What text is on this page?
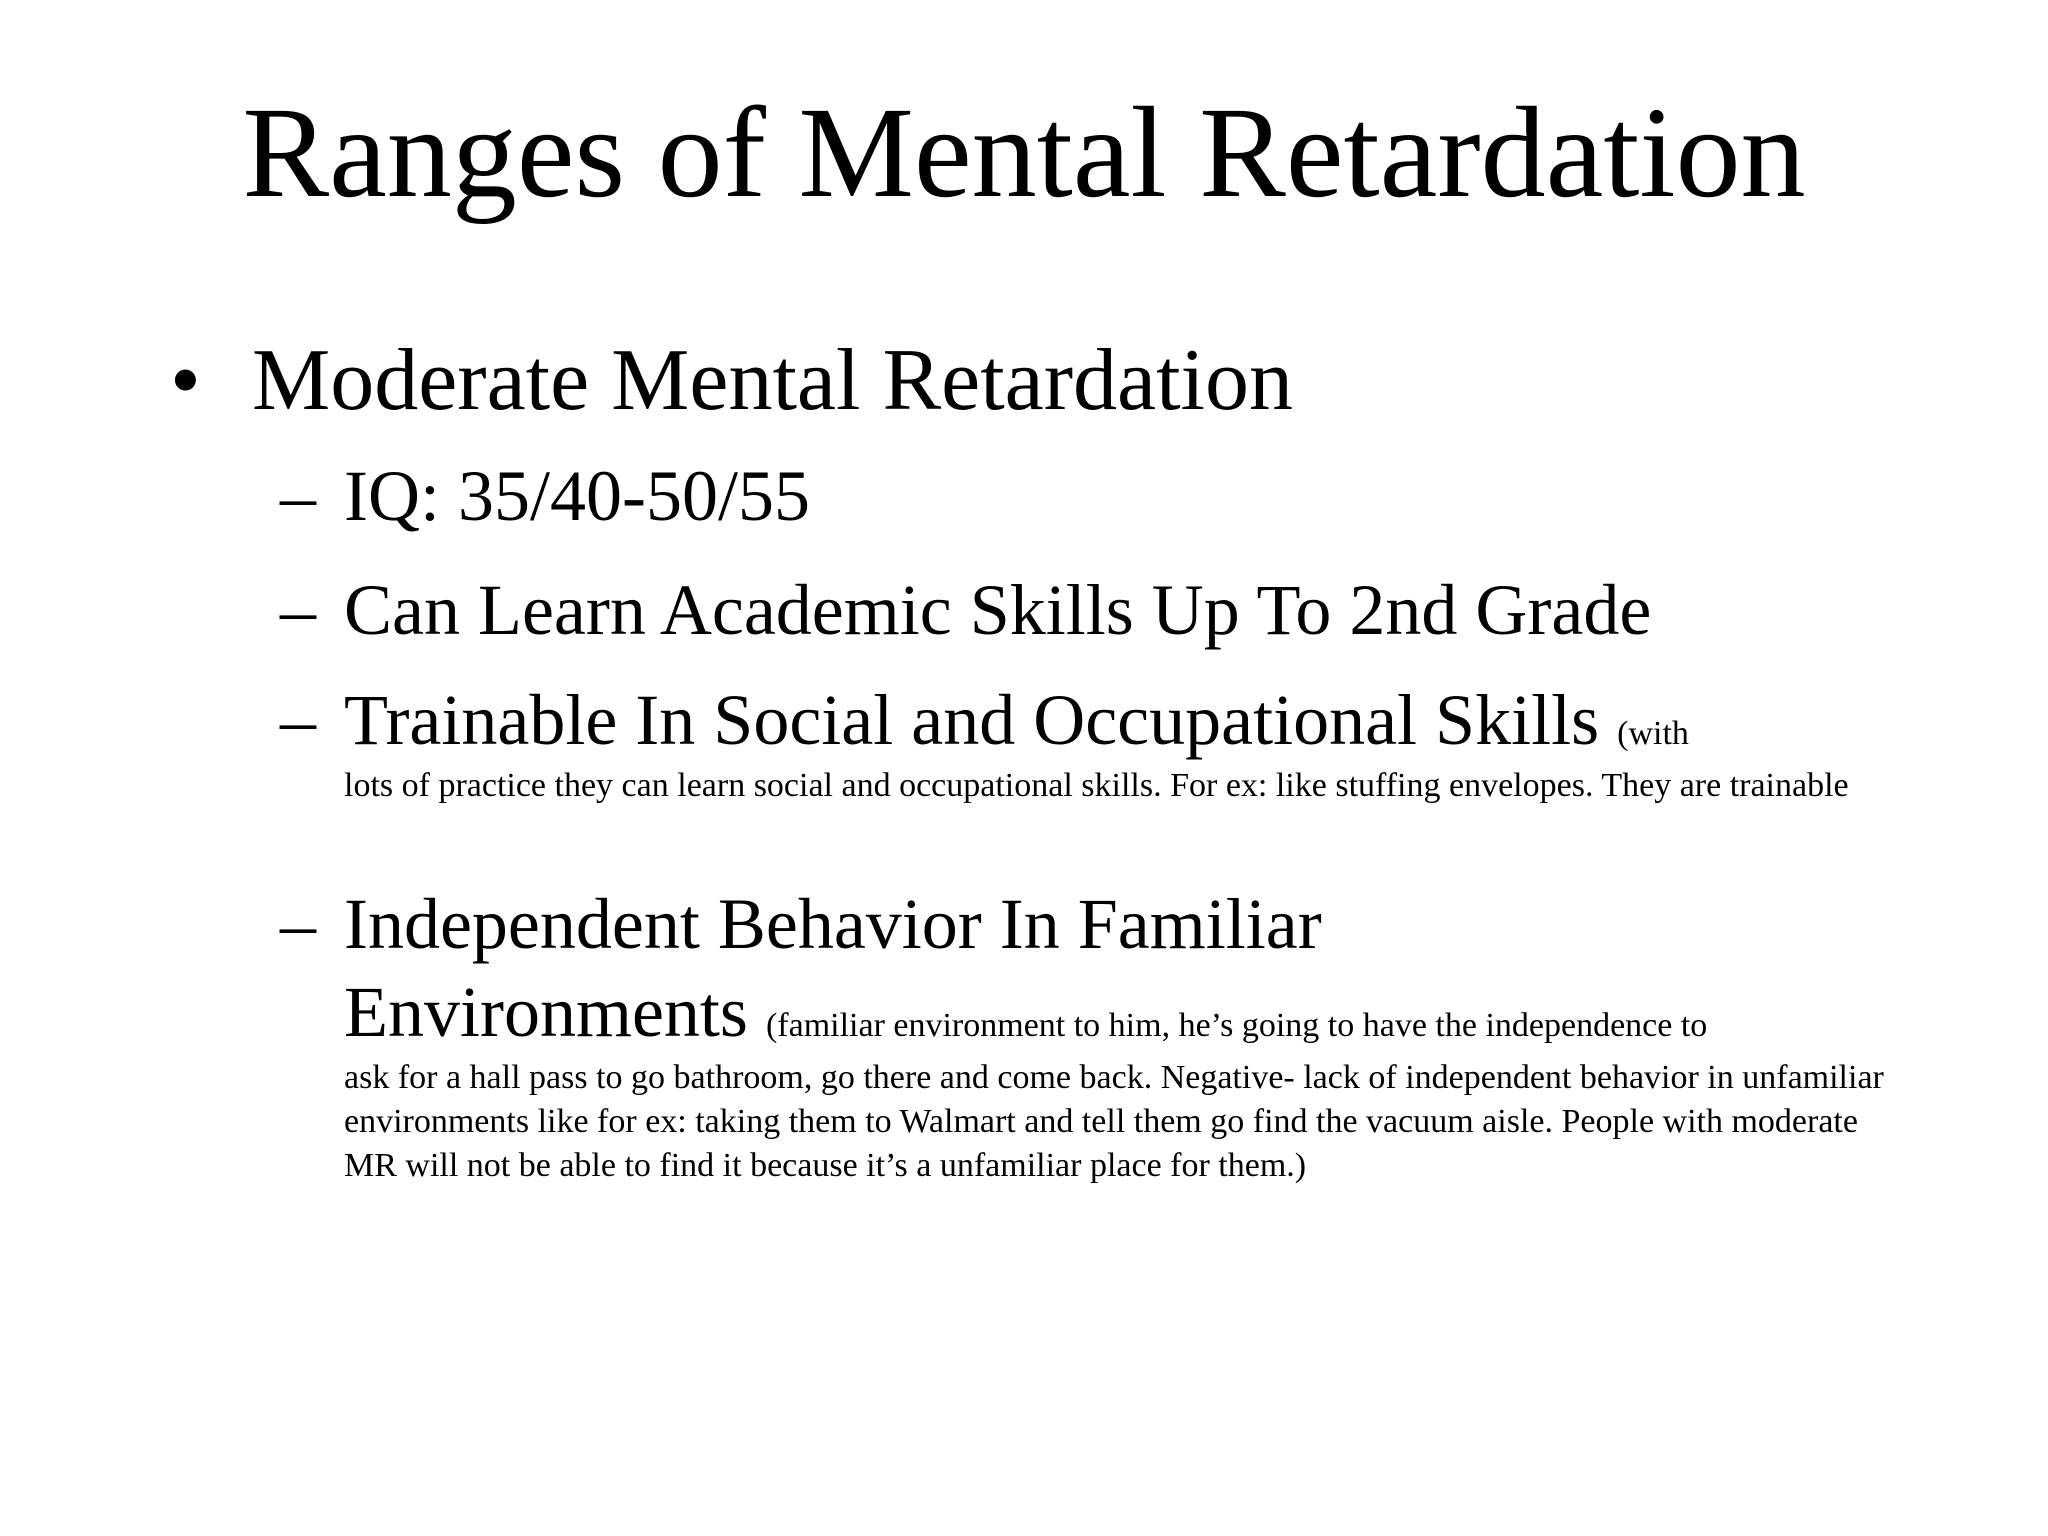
Ranges of Mental Retardation
• Moderate Mental Retardation
– IQ: 35/40-50/55
– Can Learn Academic Skills Up To 2nd Grade
– Trainable In Social and Occupational Skills (with
lots of practice they can learn social and occupational skills. For ex: like stuffing envelopes. They are trainable
– Independent Behavior In Familiar
Environments (familiar environment to him, he’s going to have the independence to
ask for a hall pass to go bathroom, go there and come back. Negative- lack of independent behavior in unfamiliar environments like for ex: taking them to Walmart and tell them go find the vacuum aisle. People with moderate MR will not be able to find it because it’s a unfamiliar place for them.)
